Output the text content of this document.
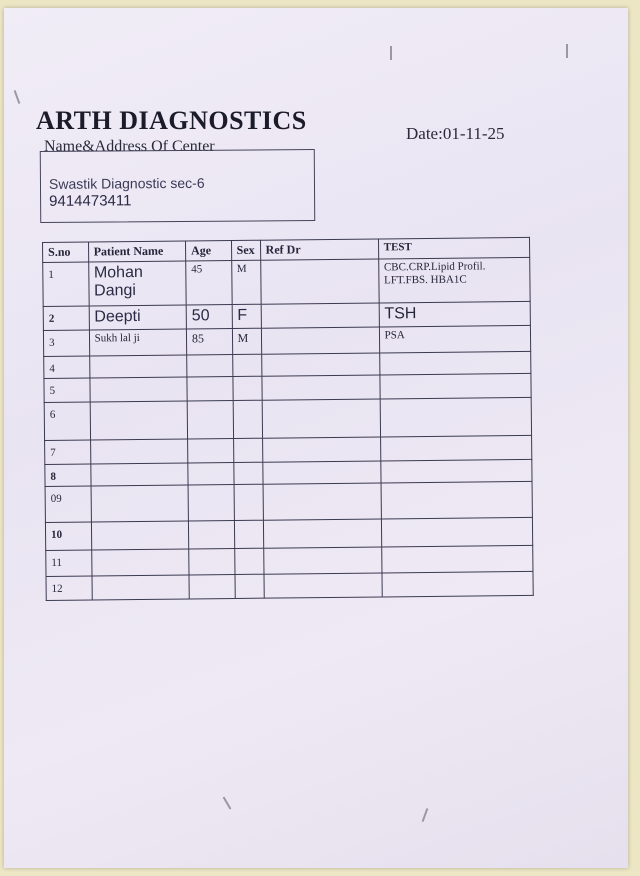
ARTH DIAGNOSTICS	Date:01-11-25
Name&Address Of Center
Swastik Diagnostic sec-6
9414473411
S.no	Patient Name	Age	Sex	Ref Dr	TEST
1	Mohan Dangi	45	M		CBC.CRP.Lipid Profil. LFT.FBS. HBA1C
2	Deepti	50	F		TSH
3	Sukh lal ji	85	M		PSA
4					
5					
6					
7					
8					
09					
10					
11					
12					
